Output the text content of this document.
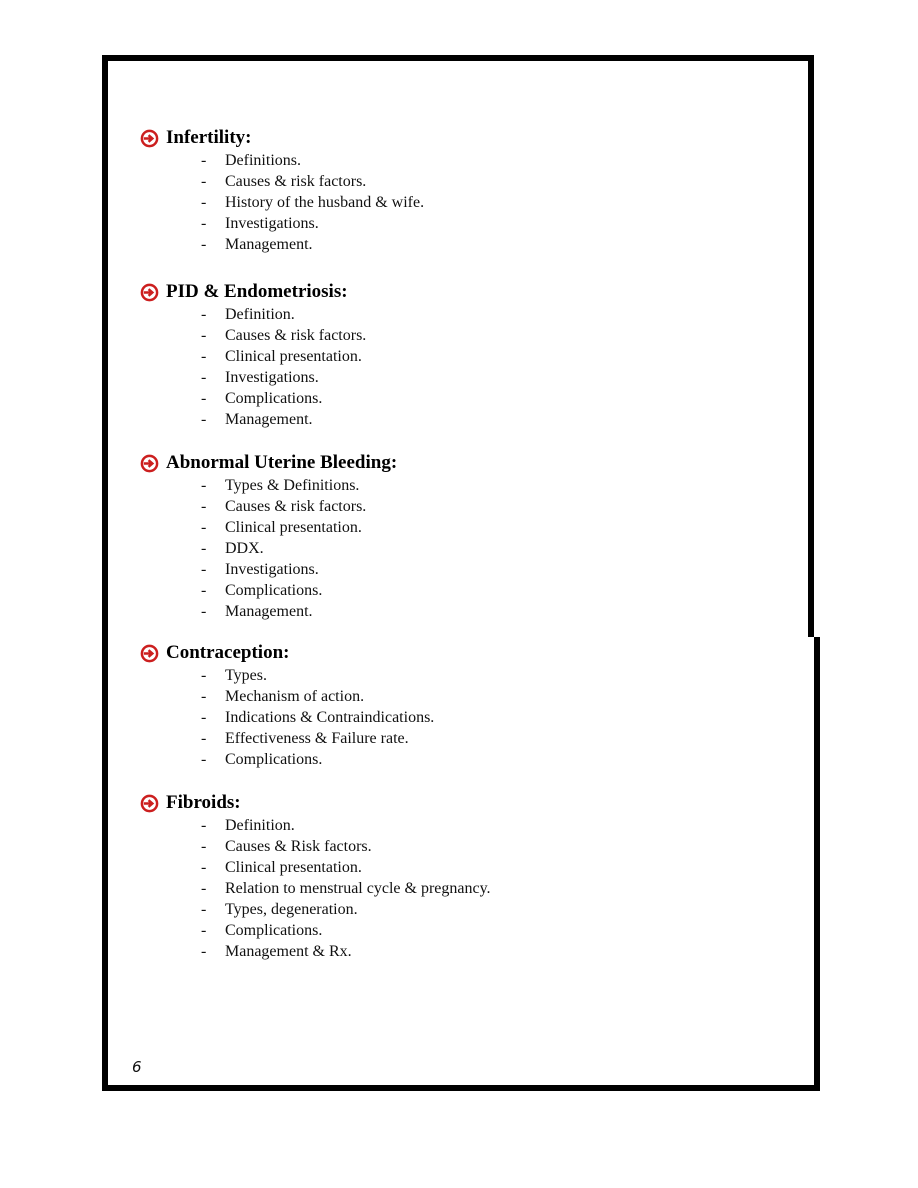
Infertility:
-	Definitions.
-	Causes & risk factors.
-	History of the husband & wife.
-	Investigations.
-	Management.
PID & Endometriosis:
-	Definition.
-	Causes & risk factors.
-	Clinical presentation.
-	Investigations.
-	Complications.
-	Management.
Abnormal Uterine Bleeding:
-	Types & Definitions.
-	Causes & risk factors.
-	Clinical presentation.
-	DDX.
-	Investigations.
-	Complications.
-	Management.
Contraception:
-	Types.
-	Mechanism of action.
-	Indications & Contraindications.
-	Effectiveness & Failure rate.
-	Complications.
Fibroids:
-	Definition.
-	Causes & Risk factors.
-	Clinical presentation.
-	Relation to menstrual cycle & pregnancy.
-	Types, degeneration.
-	Complications.
-	Management & Rx.
6
